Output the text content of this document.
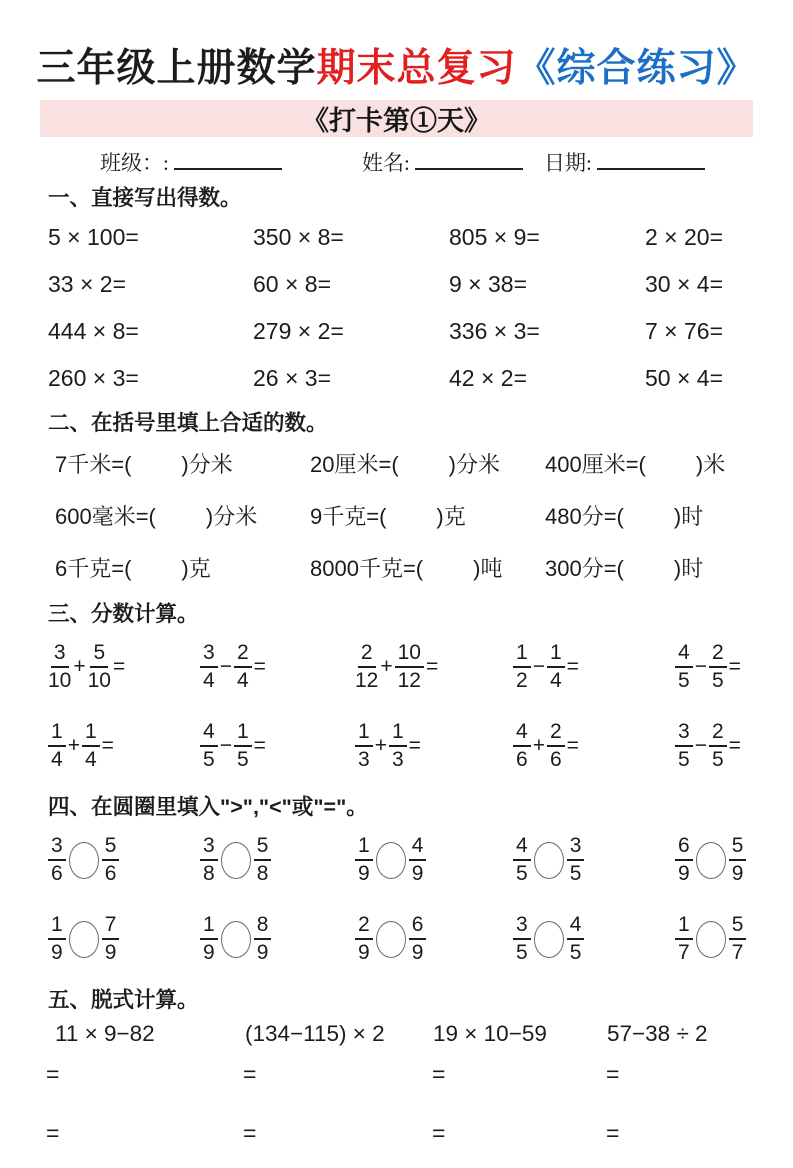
三年级上册数学期末总复习《综合练习》
《打卡第①天》
班级：:	姓名:	日期:
一、直接写出得数。
5 × 100=	350 × 8=	805 × 9=	2 × 20=
33 × 2=	60 × 8=	9 × 38=	30 × 4=
444 × 8=	279 × 2=	336 × 3=	7 × 76=
260 × 3=	26 × 3=	42 × 2=	50 × 4=
二、在括号里填上合适的数。
7千米=( )分米	20厘米=( )分米	400厘米=( )米
600毫米=( )分米	9千克=( )克	480分=( )时
6千克=( )克	8000千克=( )吨	300分=( )时
三、分数计算。
$\frac{3}{10} + \frac{5}{10}$ =	$\frac{3}{4} - \frac{2}{4}$ =	$\frac{2}{12} + \frac{10}{12}$ =	$\frac{1}{2} - \frac{1}{4}$ =	$\frac{4}{5} - \frac{2}{5}$ =
$\frac{1}{4} + \frac{1}{4}$ =	$\frac{4}{5} - \frac{1}{5}$ =	$\frac{1}{3} + \frac{1}{3}$ =	$\frac{4}{6} + \frac{2}{6}$ =	$\frac{3}{5} - \frac{2}{5}$ =
四、在圆圈里填入">","<"或"="。
$\frac{3}{6} \frac{5}{6}$	$\frac{3}{8} \frac{5}{8}$	$\frac{1}{9} \frac{4}{9}$	$\frac{4}{5} \frac{3}{5}$	$\frac{6}{9} \frac{5}{9}$
$\frac{1}{9} \frac{7}{9}$	$\frac{1}{9} \frac{8}{9}$	$\frac{2}{9} \frac{6}{9}$	$\frac{3}{5} \frac{4}{5}$	$\frac{1}{7} \frac{5}{7}$
五、脱式计算。
11 × 9−82	(134−115) × 2	19 × 10−59	57−38 ÷ 2
=	=	=	=
=	=	=	=
